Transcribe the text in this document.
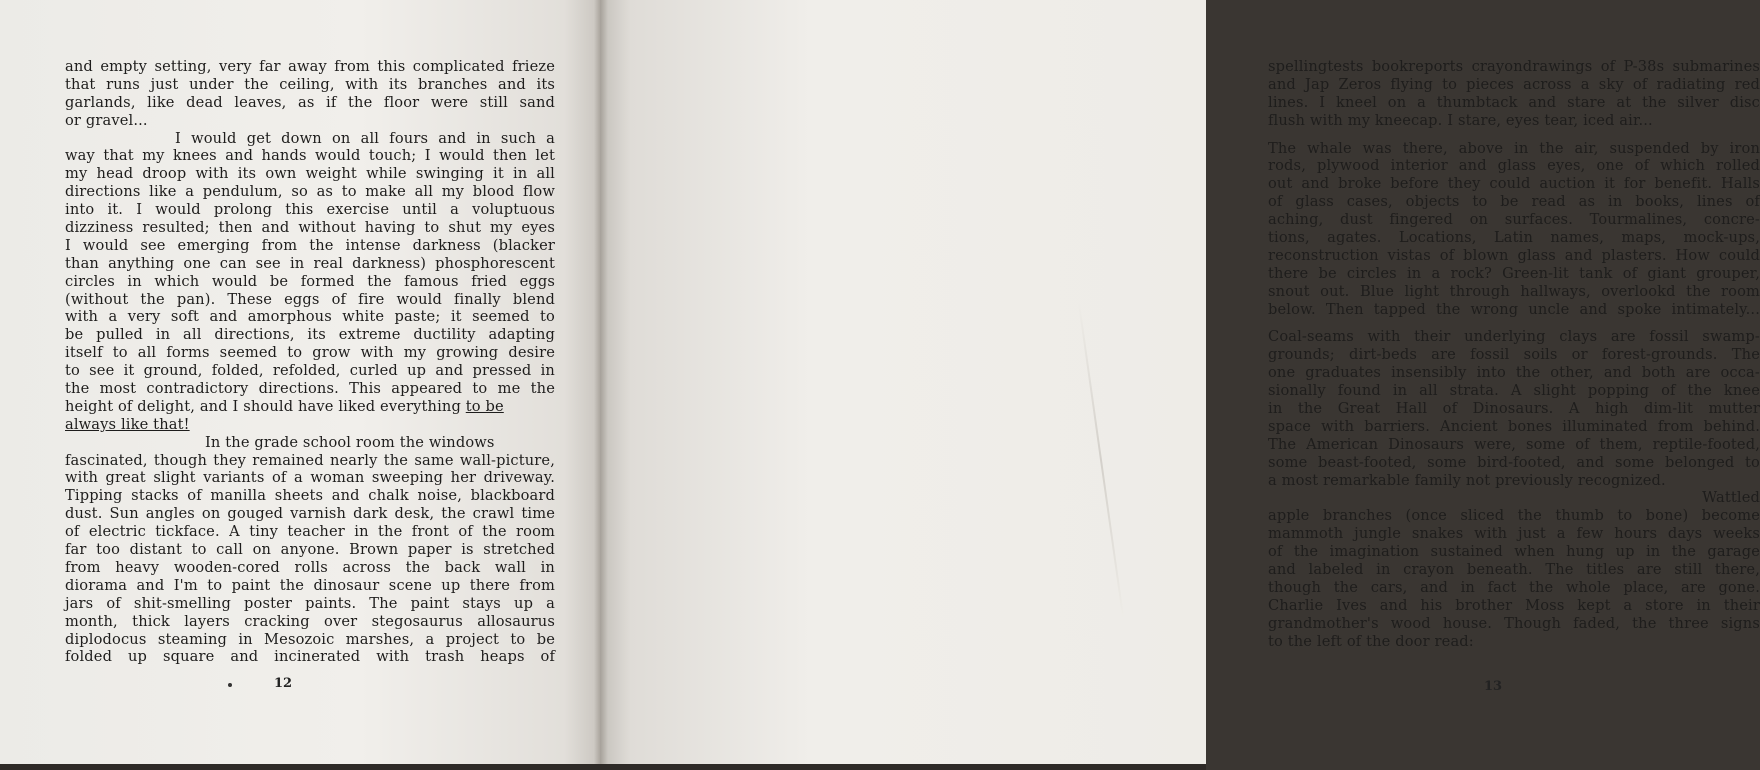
and empty setting, very far away from this complicated frieze
that runs just under the ceiling, with its branches and its
garlands, like dead leaves, as if the floor were still sand
or gravel...
I would get down on all fours and in such a
way that my knees and hands would touch; I would then let
my head droop with its own weight while swinging it in all
directions like a pendulum, so as to make all my blood flow
into it. I would prolong this exercise until a voluptuous
dizziness resulted; then and without having to shut my eyes
I would see emerging from the intense darkness (blacker
than anything one can see in real darkness) phosphorescent
circles in which would be formed the famous fried eggs
(without the pan). These eggs of fire would finally blend
with a very soft and amorphous white paste; it seemed to
be pulled in all directions, its extreme ductility adapting
itself to all forms seemed to grow with my growing desire
to see it ground, folded, refolded, curled up and pressed in
the most contradictory directions. This appeared to me the
height of delight, and I should have liked everything to be
always like that!
In the grade school room the windows
fascinated, though they remained nearly the same wall-picture,
with great slight variants of a woman sweeping her driveway.
Tipping stacks of manilla sheets and chalk noise, blackboard
dust. Sun angles on gouged varnish dark desk, the crawl time
of electric tickface. A tiny teacher in the front of the room
far too distant to call on anyone. Brown paper is stretched
from heavy wooden-cored rolls across the back wall in
diorama and I'm to paint the dinosaur scene up there from
jars of shit-smelling poster paints. The paint stays up a
month, thick layers cracking over stegosaurus allosaurus
diplodocus steaming in Mesozoic marshes, a project to be
folded up square and incinerated with trash heaps of
12
spellingtests bookreports crayondrawings of P-38s submarines
and Jap Zeros flying to pieces across a sky of radiating red
lines. I kneel on a thumbtack and stare at the silver disc
flush with my kneecap. I stare, eyes tear, iced air...
The whale was there, above in the air, suspended by iron
rods, plywood interior and glass eyes, one of which rolled
out and broke before they could auction it for benefit. Halls
of glass cases, objects to be read as in books, lines of
aching, dust fingered on surfaces. Tourmalines, concre-
tions, agates. Locations, Latin names, maps, mock-ups,
reconstruction vistas of blown glass and plasters. How could
there be circles in a rock? Green-lit tank of giant grouper,
snout out. Blue light through hallways, overlookd the room
below. Then tapped the wrong uncle and spoke intimately...
Coal-seams with their underlying clays are fossil swamp-
grounds; dirt-beds are fossil soils or forest-grounds. The
one graduates insensibly into the other, and both are occa-
sionally found in all strata. A slight popping of the knee
in the Great Hall of Dinosaurs. A high dim-lit mutter
space with barriers. Ancient bones illuminated from behind.
The American Dinosaurs were, some of them, reptile-footed,
some beast-footed, some bird-footed, and some belonged to
a most remarkable family not previously recognized.
Wattled
apple branches (once sliced the thumb to bone) become
mammoth jungle snakes with just a few hours days weeks
of the imagination sustained when hung up in the garage
and labeled in crayon beneath. The titles are still there,
though the cars, and in fact the whole place, are gone.
Charlie Ives and his brother Moss kept a store in their
grandmother's wood house. Though faded, the three signs
to the left of the door read:
13
